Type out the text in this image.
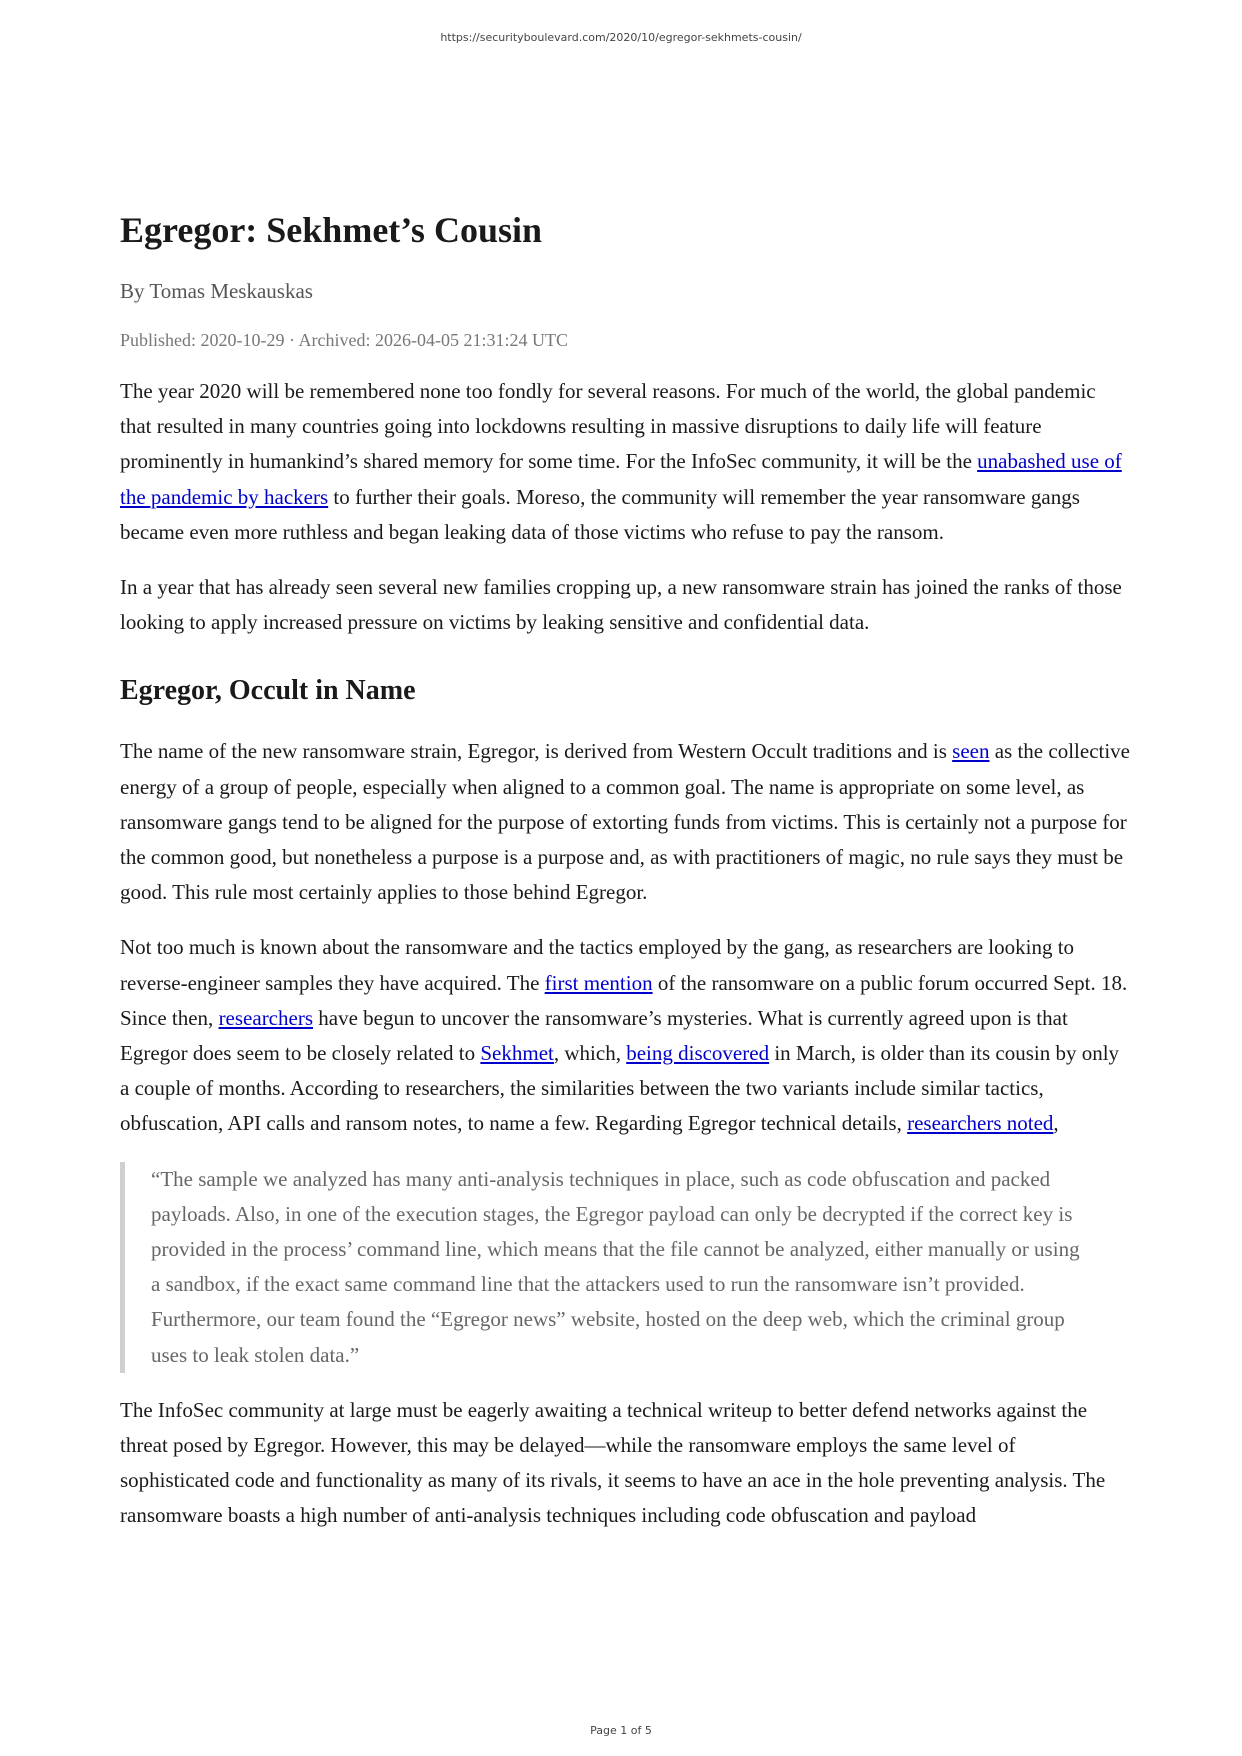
https://securityboulevard.com/2020/10/egregor-sekhmets-cousin/
Egregor: Sekhmet’s Cousin
By Tomas Meskauskas
Published: 2020-10-29 · Archived: 2026-04-05 21:31:24 UTC

The year 2020 will be remembered none too fondly for several reasons. For much of the world, the global pandemic that resulted in many countries going into lockdowns resulting in massive disruptions to daily life will feature prominently in humankind’s shared memory for some time. For the InfoSec community, it will be the unabashed use of the pandemic by hackers to further their goals. Moreso, the community will remember the year ransomware gangs became even more ruthless and began leaking data of those victims who refuse to pay the ransom.

In a year that has already seen several new families cropping up, a new ransomware strain has joined the ranks of those looking to apply increased pressure on victims by leaking sensitive and confidential data.

Egregor, Occult in Name

The name of the new ransomware strain, Egregor, is derived from Western Occult traditions and is seen as the collective energy of a group of people, especially when aligned to a common goal. The name is appropriate on some level, as ransomware gangs tend to be aligned for the purpose of extorting funds from victims. This is certainly not a purpose for the common good, but nonetheless a purpose is a purpose and, as with practitioners of magic, no rule says they must be good. This rule most certainly applies to those behind Egregor.

Not too much is known about the ransomware and the tactics employed by the gang, as researchers are looking to reverse-engineer samples they have acquired. The first mention of the ransomware on a public forum occurred Sept. 18. Since then, researchers have begun to uncover the ransomware’s mysteries. What is currently agreed upon is that Egregor does seem to be closely related to Sekhmet, which, being discovered in March, is older than its cousin by only a couple of months. According to researchers, the similarities between the two variants include similar tactics, obfuscation, API calls and ransom notes, to name a few. Regarding Egregor technical details, researchers noted,

“The sample we analyzed has many anti-analysis techniques in place, such as code obfuscation and packed payloads. Also, in one of the execution stages, the Egregor payload can only be decrypted if the correct key is provided in the process’ command line, which means that the file cannot be analyzed, either manually or using a sandbox, if the exact same command line that the attackers used to run the ransomware isn’t provided. Furthermore, our team found the “Egregor news” website, hosted on the deep web, which the criminal group uses to leak stolen data.”

The InfoSec community at large must be eagerly awaiting a technical writeup to better defend networks against the threat posed by Egregor. However, this may be delayed—while the ransomware employs the same level of sophisticated code and functionality as many of its rivals, it seems to have an ace in the hole preventing analysis. The ransomware boasts a high number of anti-analysis techniques including code obfuscation and payload

Page 1 of 5
